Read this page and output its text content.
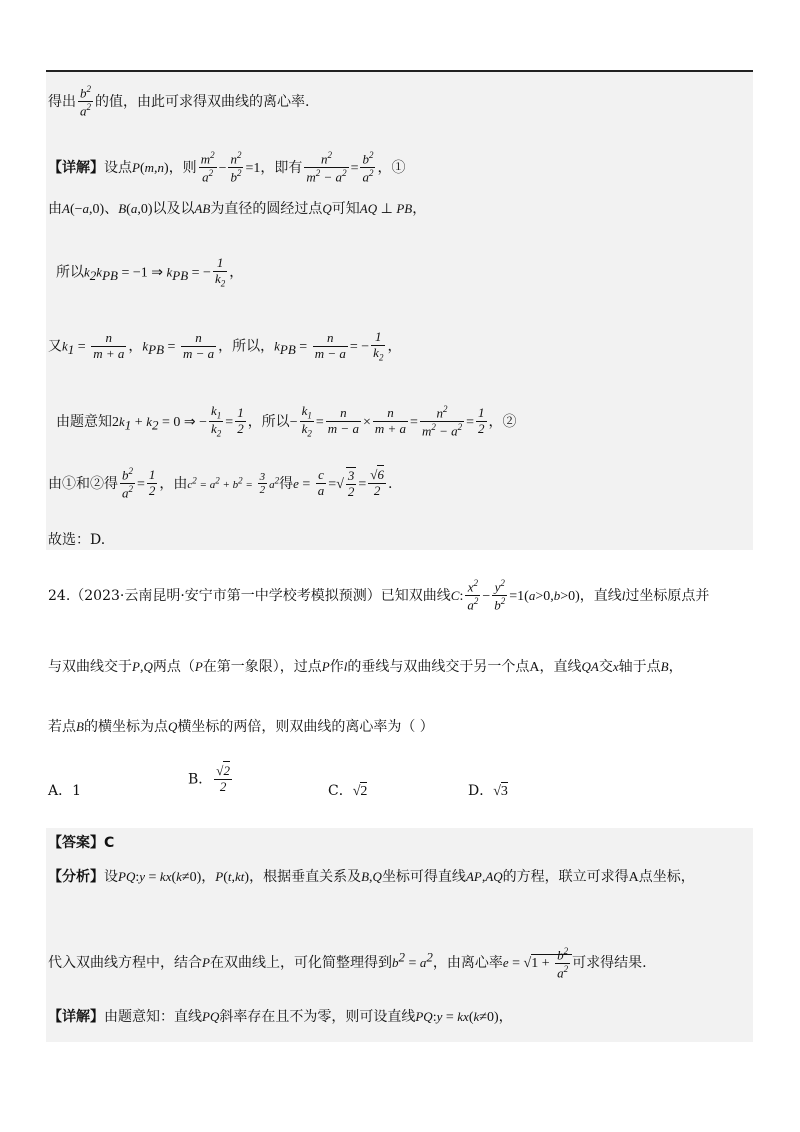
得出 $\frac{b^2}{a^2}$ 的值，由此可求得双曲线的离心率.
【详解】设点P(m,n)，则 $\frac{m^2}{a^2} - \frac{n^2}{b^2} =1$，即有 $\frac{n^2}{m^2 - a^2} = \frac{b^2}{a^2}$ ，①
由A(−a,0)、B(a,0)以及以AB为直径的圆经过点Q可知AQ ⊥ PB，
所以$k_2k_{PB} = -1$ ⇒ $k_{PB}$ = − $\frac{1}{k_2}$ ，
又$k_1 = \frac{n}{m + a}$ ，$k_{PB} = \frac{n}{m - a}$ ，所以，$k_{PB} = \frac{n}{m - a}$ = − $\frac{1}{k_2}$ ，
由题意知$2k_1 + k_2 = 0$ ⇒ − $\frac{k_1}{k_2} = \frac{1}{2}$ ，所以− $\frac{k_1}{k_2} = \frac{n}{m - a} \times \frac{n}{m + a} = \frac{n^2}{m^2 - a^2} = \frac{1}{2}$ ，②
由①和②得 $\frac{b^2}{a^2} = \frac{1}{2}$ ，由$c^2 = a^2 + b^2 = \frac{3}{2} a^2$得$e = \frac{c}{a}$ =√ $\frac{3}{2} = \frac{√6}{2}$ .
故选：D.
24.（2023·云南昆明·安宁市第一中学校考模拟预测）已知双曲线C: $\frac{x^2}{a^2} - \frac{y^2}{b^2} =1(a>0,b>0)$，直线l过坐标原点并
与双曲线交于P,Q两点（P在第一象限），过点P作l的垂线与双曲线交于另一个点A，直线QA交x轴于点B，
若点B的横坐标为点Q横坐标的两倍，则双曲线的离心率为（ ）
A．1
B． $\frac{√2}{2}$	C．√2	D．√3
【答案】C
【分析】设PQ:y = kx(k≠0)，P(t,kt)，根据垂直关系及B,Q坐标可得直线AP,AQ的方程，联立可求得A点坐标，
代入双曲线方程中，结合P在双曲线上，可化简整理得到$b^2 = a^2$，由离心率$e = √1 + \frac{b^2}{a^2}$ 可求得结果.
【详解】由题意知：直线PQ斜率存在且不为零，则可设直线PQ:y = kx(k≠0)，
